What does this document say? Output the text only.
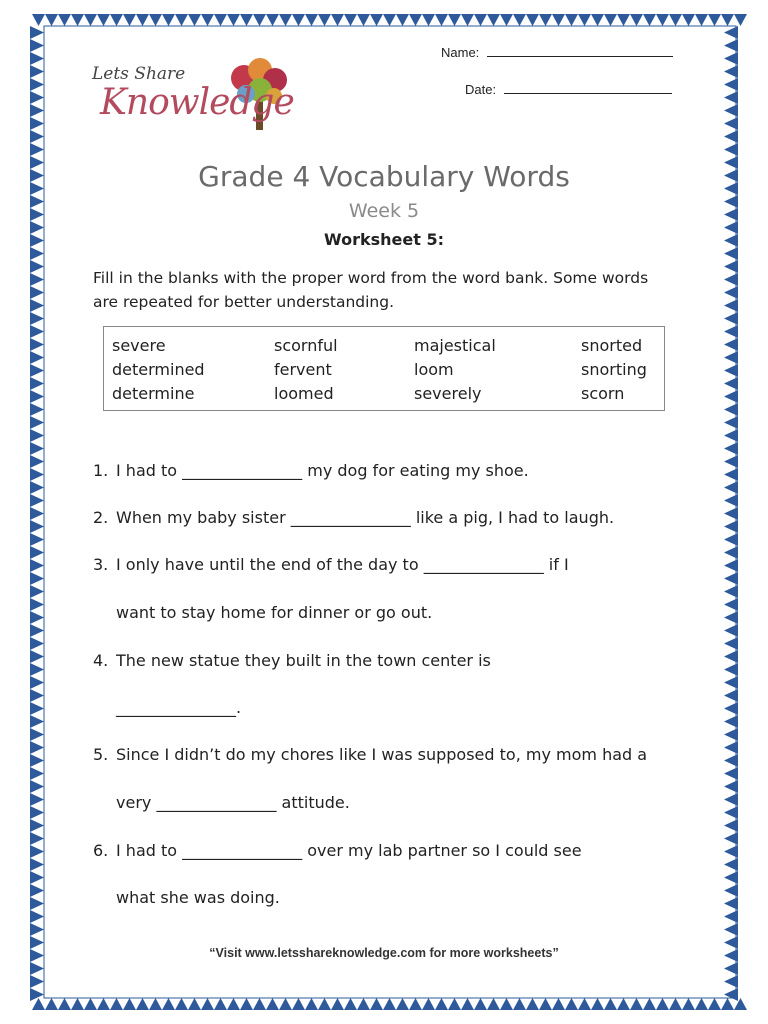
Name:
Date:
Lets Share
Knowledge
Grade 4 Vocabulary Words
Week 5
Worksheet 5:
Fill in the blanks with the proper word from the word bank. Some words are repeated for better understanding.
severe	scornful	majestical	snorted
determined	fervent	loom	snorting
determine	loomed	severely	scorn
1. I had to _______________ my dog for eating my shoe.
2. When my baby sister _______________ like a pig, I had to laugh.
3. I only have until the end of the day to _______________ if I
want to stay home for dinner or go out.
4. The new statue they built in the town center is
_______________.
5. Since I didn’t do my chores like I was supposed to, my mom had a
very _______________ attitude.
6. I had to _______________ over my lab partner so I could see
what she was doing.
“Visit www.letsshareknowledge.com for more worksheets”
